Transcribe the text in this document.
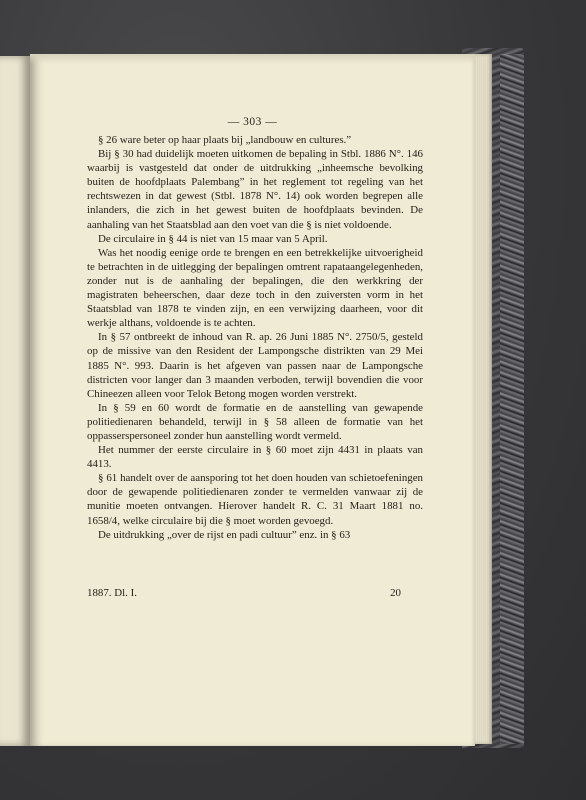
— 303 —

§ 26 ware beter op haar plaats bij „landbouw en cultures.”

Bij § 30 had duidelijk moeten uitkomen de bepaling in Stbl. 1886 N°. 146 waarbij is vastgesteld dat onder de uitdrukking „inheemsche bevolking buiten de hoofdplaats Palembang” in het reglement tot regeling van het rechtswezen in dat gewest (Stbl. 1878 N°. 14) ook worden begrepen alle inlanders, die zich in het gewest buiten de hoofdplaats bevinden. De aanhaling van het Staatsblad aan den voet van die § is niet voldoende.

De circulaire in § 44 is niet van 15 maar van 5 April.

Was het noodig eenige orde te brengen en een betrekkelijke uitvoerigheid te betrachten in de uitlegging der bepalingen omtrent rapataangelegenheden, zonder nut is de aanhaling der bepalingen, die den werkkring der magistraten beheerschen, daar deze toch in den zuiversten vorm in het Staatsblad van 1878 te vinden zijn, en een verwijzing daarheen, voor dit werkje althans, voldoende is te achten.

In § 57 ontbreekt de inhoud van R. ap. 26 Juni 1885 N°. 2750/5, gesteld op de missive van den Resident der Lampongsche distrikten van 29 Mei 1885 N°. 993. Daarin is het afgeven van passen naar de Lampongsche districten voor langer dan 3 maanden verboden, terwijl bovendien die voor Chineezen alleen voor Telok Betong mogen worden verstrekt.

In § 59 en 60 wordt de formatie en de aanstelling van gewapende politiedienaren behandeld, terwijl in § 58 alleen de formatie van het oppasserspersoneel zonder hun aanstelling wordt vermeld.

Het nummer der eerste circulaire in § 60 moet zijn 4431 in plaats van 4413.

§ 61 handelt over de aansporing tot het doen houden van schietoefeningen door de gewapende politiedienaren zonder te vermelden vanwaar zij de munitie moeten ontvangen. Hierover handelt R. C. 31 Maart 1881 no. 1658/4, welke circulaire bij die § moet worden gevoegd.

De uitdrukking „over de rijst en padi cultuur” enz. in § 63

1887. Dl. I.	20
